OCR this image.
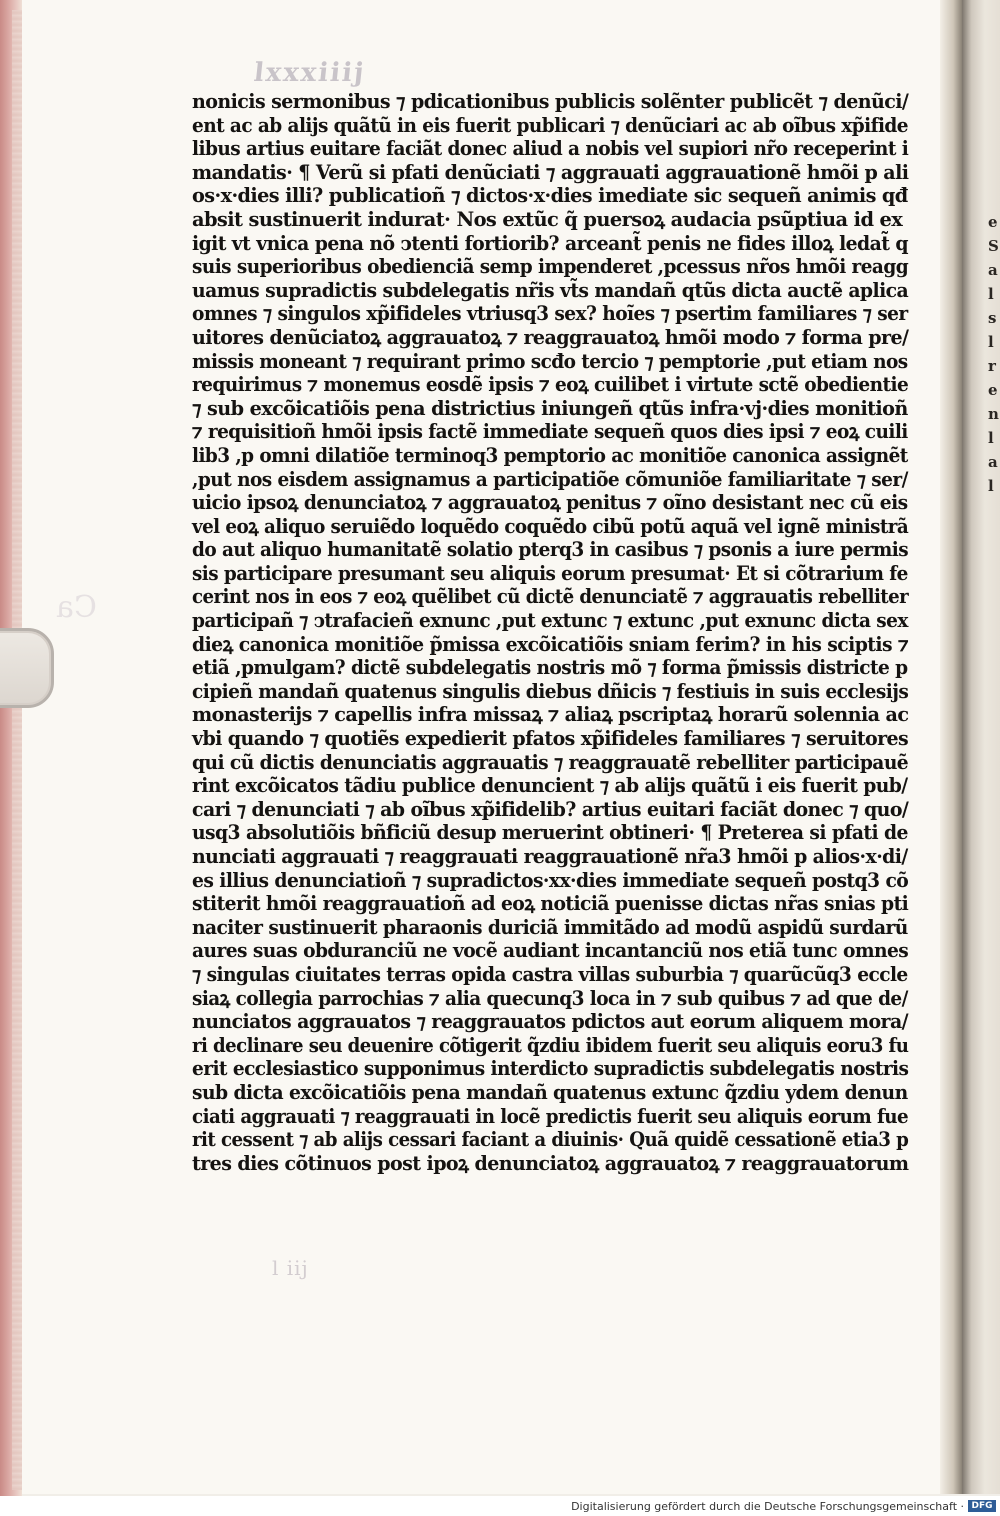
Ca
lxxxiiij
l iij
nonicis sermonibus ⁊ pdicationibus publicis solẽnter publicẽt ⁊ denũci/
ent ac ab alijs quãtũ in eis fuerit publicari ⁊ denũciari ac ab oĩbus xp̃ifide
libus artius euitare faciãt donec aliud a nobis vel supiori nr̃o receperint i
mandatis· ¶ Verũ si pfati denũciati ⁊ aggrauati aggrauationẽ hmõi p ali
os·x·dies illi? publicatioñ ⁊ dictos·x·dies imediate sic sequeñ animis qđ
absit sustinuerit indurat· Nos extũc q̃ puersoꝝ audacia psũptiua id ex
igit vt vnica pena nõ ↄtenti fortiorib? arceant̃ penis ne fides illoꝝ ledat̃ q
suis superioribus obedienciã semp impenderet ,pcessus nr̃os hmõi reagg
uamus supradictis subdelegatis nr̃is vt̃s mandañ qtũs dicta auctẽ aplica
omnes ⁊ singulos xp̃ifideles vtriusq3 sex? hoĩes ⁊ psertim familiares ⁊ ser
uitores denũciatoꝝ aggrauatoꝝ ⁊ reaggrauatoꝝ hmõi modo ⁊ forma pre/
missis moneant ⁊ requirant primo scđo tercio ⁊ pemptorie ,put etiam nos
requirimus ⁊ monemus eosdẽ ipsis ⁊ eoꝝ cuilibet i virtute sctẽ obedientie
⁊ sub excõicatiõis pena districtius iniungeñ qtũs infra·vj·dies monitioñ
⁊ requisitioñ hmõi ipsis factẽ immediate sequeñ quos dies ipsi ⁊ eoꝝ cuili
lib3 ,p omni dilatiõe terminoq3 pemptorio ac monitiõe canonica assignẽt
,put nos eisdem assignamus a participatiõe cõmuniõe familiaritate ⁊ ser/
uicio ipsoꝝ denunciatoꝝ ⁊ aggrauatoꝝ penitus ⁊ oĩno desistant nec cũ eis
vel eoꝝ aliquo seruiẽdo loquẽdo coquẽdo cibũ potũ aquã vel ignẽ ministrã
do aut aliquo humanitatẽ solatio pterq3 in casibus ⁊ psonis a iure permis
sis participare presumant seu aliquis eorum presumat· Et si cõtrarium fe
cerint nos in eos ⁊ eoꝝ quẽlibet cũ dictẽ denunciatẽ ⁊ aggrauatis rebelliter
participañ ⁊ ↄtrafacieñ exnunc ,put extunc ⁊ extunc ,put exnunc dicta sex
dieꝝ canonica monitiõe p̃missa excõicatiõis sniam ferim? in his sciptis ⁊
etiã ,pmulgam? dictẽ subdelegatis nostris mõ ⁊ forma p̃missis districte p
cipieñ mandañ quatenus singulis diebus dñicis ⁊ festiuis in suis ecclesijs
monasterijs ⁊ capellis infra missaꝝ ⁊ aliaꝝ pscriptaꝝ horarũ solennia ac
vbi quando ⁊ quotiẽs expedierit pfatos xp̃ifideles familiares ⁊ seruitores
qui cũ dictis denunciatis aggrauatis ⁊ reaggrauatẽ rebelliter participauẽ
rint excõicatos tãdiu publice denuncient ⁊ ab alijs quãtũ i eis fuerit pub/
cari ⁊ denunciati ⁊ ab oĩbus xp̃ifidelib? artius euitari faciãt donec ⁊ quo/
usq3 absolutiõis bñficiũ desup meruerint obtineri· ¶ Preterea si pfati de
nunciati aggrauati ⁊ reaggrauati reaggrauationẽ nr̃a3 hmõi p alios·x·di/
es illius denunciatioñ ⁊ supradictos·xx·dies immediate sequeñ postq3 cõ
stiterit hmõi reaggrauatioñ ad eoꝝ noticiã puenisse dictas nr̃as snias pti
naciter sustinuerit pharaonis duriciã immitãdo ad modũ aspidũ surdarũ
aures suas obduranciũ ne vocẽ audiant incantanciũ nos etiã tunc omnes
⁊ singulas ciuitates terras opida castra villas suburbia ⁊ quarũcũq3 eccle
siaꝝ collegia parrochias ⁊ alia quecunq3 loca in ⁊ sub quibus ⁊ ad que de/
nunciatos aggrauatos ⁊ reaggrauatos pdictos aut eorum aliquem mora/
ri declinare seu deuenire cõtigerit q̃zdiu ibidem fuerit seu aliquis eoru3 fu
erit ecclesiastico supponimus interdicto supradictis subdelegatis nostris
sub dicta excõicatiõis pena mandañ quatenus extunc q̃zdiu ydem denun
ciati aggrauati ⁊ reaggrauati in locẽ predictis fuerit seu aliquis eorum fue
rit cessent ⁊ ab alijs cessari faciant a diuinis· Quã quidẽ cessationẽ etia3 p
tres dies cõtinuos post ipoꝝ denunciatoꝝ aggrauatoꝝ ⁊ reaggrauatorum
e S al s l r e n l a l
Digitalisierung gefördert durch die Deutsche Forschungsgemeinschaft · DFG
